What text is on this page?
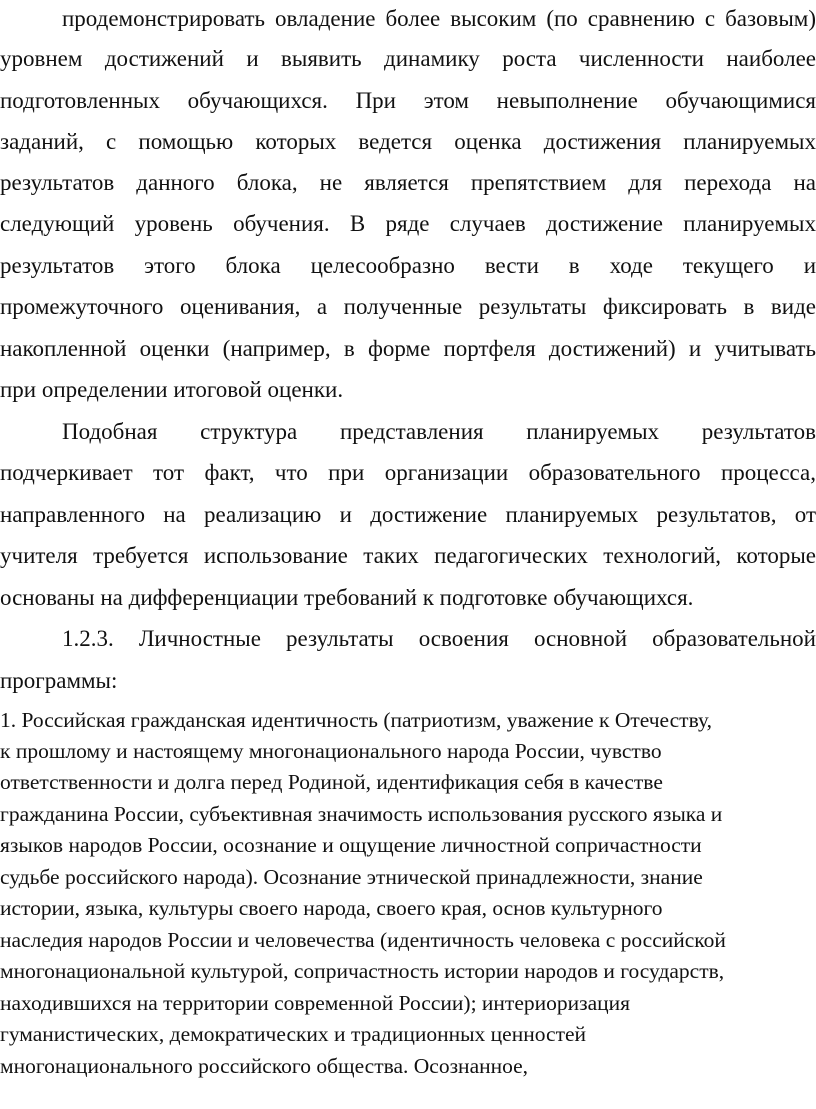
продемонстрировать овладение более высоким (по сравнению с базовым)
уровнем достижений и выявить динамику роста численности наиболее
подготовленных обучающихся. При этом невыполнение обучающимися
заданий, с помощью которых ведется оценка достижения планируемых
результатов данного блока, не является препятствием для перехода на
следующий уровень обучения. В ряде случаев достижение планируемых
результатов этого блока целесообразно вести в ходе текущего и
промежуточного оценивания, а полученные результаты фиксировать в виде
накопленной оценки (например, в форме портфеля достижений) и учитывать
при определении итоговой оценки.
Подобная структура представления планируемых результатов
подчеркивает тот факт, что при организации образовательного процесса,
направленного на реализацию и достижение планируемых результатов, от
учителя требуется использование таких педагогических технологий, которые
основаны на дифференциации требований к подготовке обучающихся.
1.2.3. Личностные результаты освоения основной образовательной
программы:
1. Российская гражданская идентичность (патриотизм, уважение к Отечеству,
к прошлому и настоящему многонационального народа России, чувство
ответственности и долга перед Родиной, идентификация себя в качестве
гражданина России, субъективная значимость использования русского языка и
языков народов России, осознание и ощущение личностной сопричастности
судьбе российского народа). Осознание этнической принадлежности, знание
истории, языка, культуры своего народа, своего края, основ культурного
наследия народов России и человечества (идентичность человека с российской
многонациональной культурой, сопричастность истории народов и государств,
находившихся на территории современной России); интериоризация
гуманистических, демократических и традиционных ценностей
многонационального российского общества. Осознанное,
